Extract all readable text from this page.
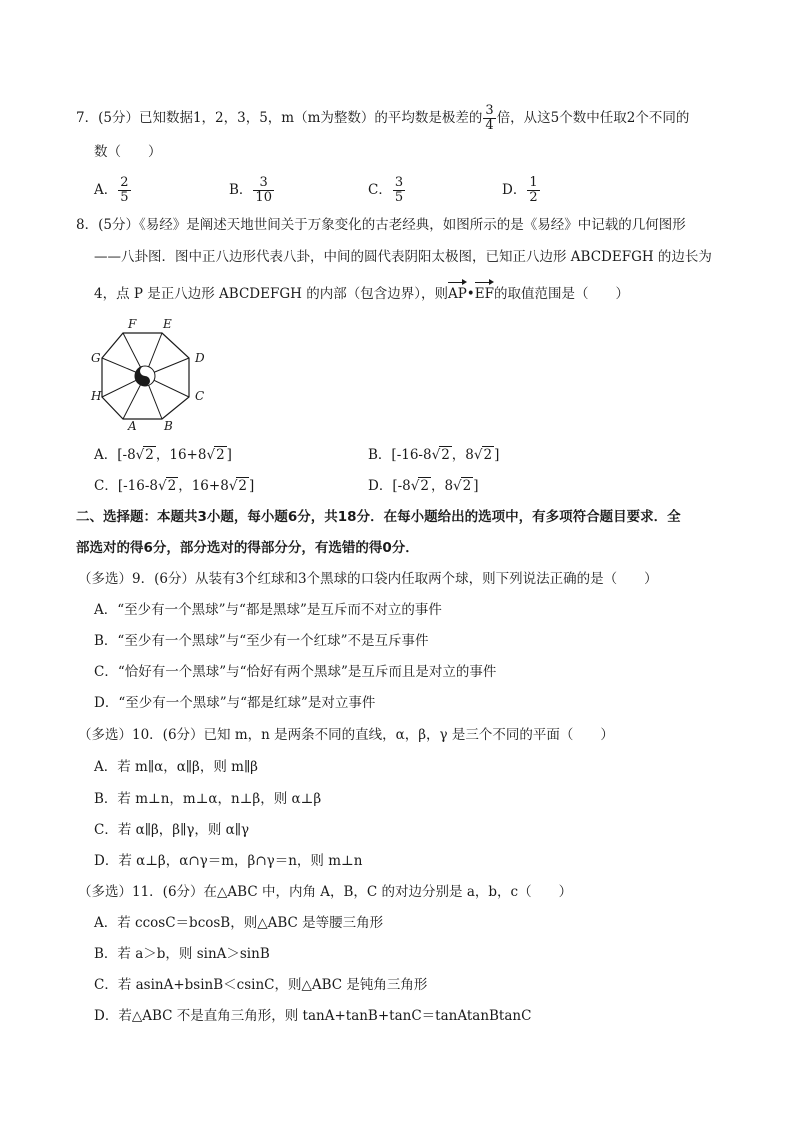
7．(5分）已知数据1，2，3，5，m（m为整数）的平均数是极差的 $\frac{3}{4}$ 倍，从这5个数中任取2个不同的
数（　　）
A． $\frac{2}{5}$	B． $\frac{3}{10}$	C． $\frac{3}{5}$	D． $\frac{1}{2}$
8．(5分）《易经》是阐述天地世间关于万象变化的古老经典，如图所示的是《易经》中记载的几何图形
——八卦图．图中正八边形代表八卦，中间的圆代表阴阳太极图，已知正八边形 ABCDEFGH 的边长为
4，点 P 是正八边形 ABCDEFGH 的内部（包含边界），则AP•EF的取值范围是（　　）
F E
D
C
B
A
H
G
A．[-8√2 ，16+8√2 ]	B．[-16-8√2 ，8√2 ]
C．[-16-8√2 ，16+8√2 ]	D．[-8√2 ，8√2 ]
二、选择题：本题共3小题，每小题6分，共18分．在每小题给出的选项中，有多项符合题目要求．全
部选对的得6分，部分选对的得部分分，有选错的得0分．
（多选）9．(6分）从装有3个红球和3个黑球的口袋内任取两个球，则下列说法正确的是（　　）
A．“至少有一个黑球”与“都是黑球”是互斥而不对立的事件
B．“至少有一个黑球”与“至少有一个红球”不是互斥事件
C．“恰好有一个黑球”与“恰好有两个黑球”是互斥而且是对立的事件
D．“至少有一个黑球”与“都是红球”是对立事件
（多选）10．(6分）已知 m，n 是两条不同的直线，α，β，γ 是三个不同的平面（　　）
A．若 m∥α，α∥β，则 m∥β
B．若 m⊥n，m⊥α，n⊥β，则 α⊥β
C．若 α∥β，β∥γ，则 α∥γ
D．若 α⊥β，α∩γ＝m，β∩γ＝n，则 m⊥n
（多选）11．(6分）在△ABC 中，内角 A，B，C 的对边分别是 a，b，c（　　）
A．若 ccosC＝bcosB，则△ABC 是等腰三角形
B．若 a＞b，则 sinA＞sinB
C．若 asinA+bsinB＜csinC，则△ABC 是钝角三角形
D．若△ABC 不是直角三角形，则 tanA+tanB+tanC＝tanAtanBtanC
